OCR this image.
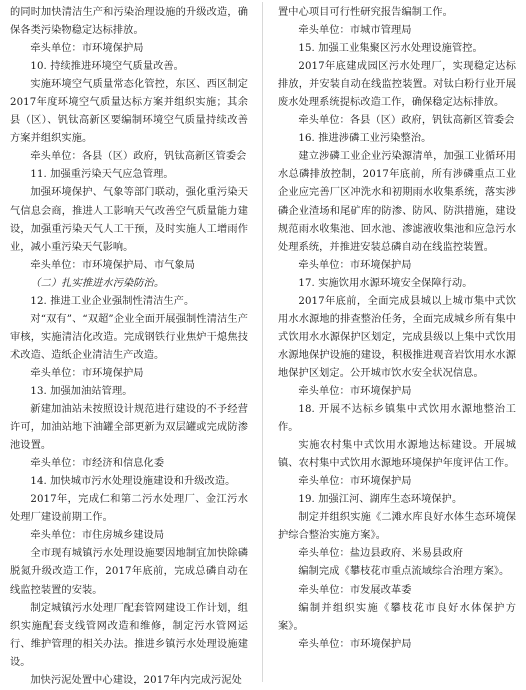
的同时加快清洁生产和污染治理设施的升级改造，确保各类污染物稳定达标排放。

牵头单位：市环境保护局

10. 持续推进环境空气质量改善。

实施环境空气质量常态化管控，东区、西区制定2017年度环境空气质量达标方案并组织实施；其余县（区）、钒钛高新区要编制环境空气质量持续改善方案并组织实施。

牵头单位：各县（区）政府，钒钛高新区管委会

11. 加强重污染天气应急管理。

加强环境保护、气象等部门联动，强化重污染天气信息会商，推进人工影响天气改善空气质量能力建设，加强重污染天气人工干预，及时实施人工增雨作业，减小重污染天气影响。

牵头单位：市环境保护局、市气象局

（二）扎实推进水污染防治。

12. 推进工业企业强制性清洁生产。

对“双有”、“双超”企业全面开展强制性清洁生产审核，实施清洁化改造。完成钢铁行业焦炉干熄焦技术改造、造纸企业清洁生产改造。

牵头单位：市环境保护局

13. 加强加油站管理。

新建加油站未按照设计规范进行建设的不予经营许可，加油站地下油罐全部更新为双层罐或完成防渗池设置。

牵头单位：市经济和信息化委

14. 加快城市污水处理设施建设和升级改造。

2017年，完成仁和第二污水处理厂、金江污水处理厂建设前期工作。

牵头单位：市住房城乡建设局

全市现有城镇污水处理设施要因地制宜加快除磷脱氮升级改造工作，2017年底前，完成总磷自动在线监控装置的安装。

制定城镇污水处理厂配套管网建设工作计划，组织实施配套支线管网改造和维修，制定污水管网运行、维护管理的相关办法。推进乡镇污水处理设施建设。

加快污泥处置中心建设，2017年内完成污泥处

置中心项目可行性研究报告编制工作。

牵头单位：市城市管理局

15. 加强工业集聚区污水处理设施管控。

2017年底建成园区污水处理厂，实现稳定达标排放，并安装自动在线监控装置。对钛白粉行业开展废水处理系统提标改造工作，确保稳定达标排放。

牵头单位：各县（区）政府，钒钛高新区管委会

16. 推进涉磷工业污染整治。

建立涉磷工业企业污染源清单，加强工业循环用水总磷排放控制，2017年底前，所有涉磷重点工业企业应完善厂区冲洗水和初期雨水收集系统，落实涉磷企业渣场和尾矿库的防渗、防风、防洪措施，建设规范雨水收集池、回水池、渗滤液收集池和应急污水处理系统，并推进安装总磷自动在线监控装置。

牵头单位：市环境保护局

17. 实施饮用水源环境安全保障行动。

2017年底前，全面完成县城以上城市集中式饮用水水源地的排查整治任务，全面完成城乡所有集中式饮用水水源保护区划定，完成县级以上集中式饮用水源地保护设施的建设，积极推进观音岩饮用水水源地保护区划定。公开城市饮水安全状况信息。

牵头单位：市环境保护局

18. 开展不达标乡镇集中式饮用水源地整治工作。

实施农村集中式饮用水源地达标建设。开展城镇、农村集中式饮用水源地环境保护年度评估工作。

牵头单位：市环境保护局

19. 加强江河、湖库生态环境保护。

制定并组织实施《二滩水库良好水体生态环境保护综合整治实施方案》。

牵头单位：盐边县政府、米易县政府

编制完成《攀枝花市重点流域综合治理方案》。

牵头单位：市发展改革委

编制并组织实施《攀枝花市良好水体保护方案》。

牵头单位：市环境保护局
